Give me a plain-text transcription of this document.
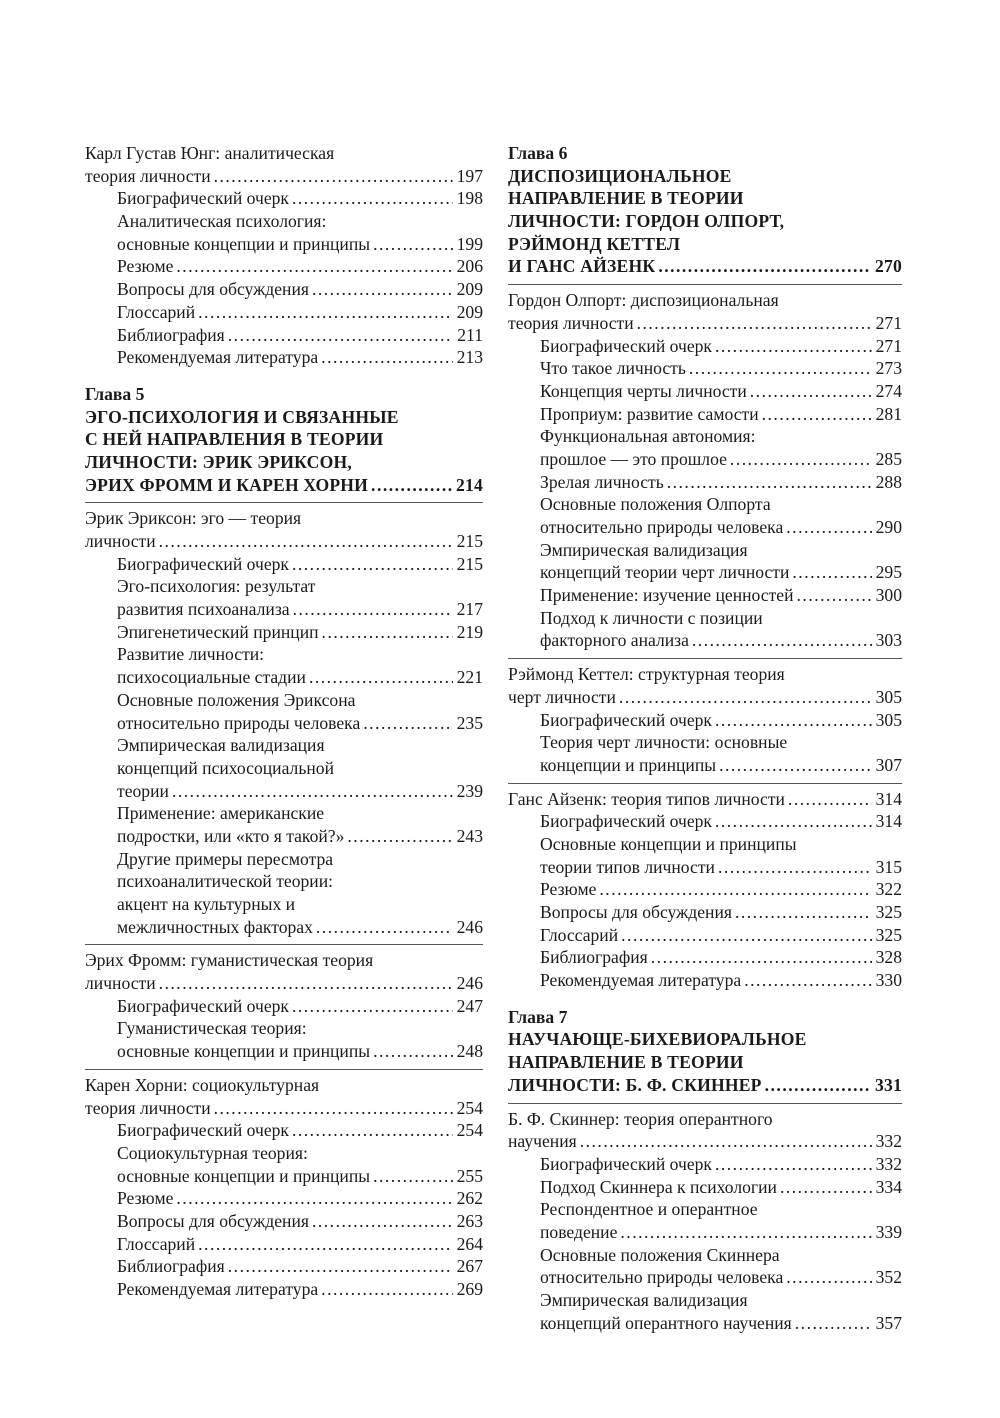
Карл Густав Юнг: аналитическая
теория личности .....	197
Биографический очерк .....	198
Аналитическая психология:
основные концепции и принципы .....	199
Резюме .....	206
Вопросы для обсуждения .....	209
Глоссарий .....	209
Библиография .....	211
Рекомендуемая литература .....	213
Глава 5
ЭГО-ПСИХОЛОГИЯ И СВЯЗАННЫЕ
С НЕЙ НАПРАВЛЕНИЯ В ТЕОРИИ
ЛИЧНОСТИ: ЭРИК ЭРИКСОН,
ЭРИХ ФРОММ И КАРЕН ХОРНИ .....	214
Эрик Эриксон: эго — теория
личности .....	215
Биографический очерк .....	215
Эго-психология: результат
развития психоанализа .....	217
Эпигенетический принцип .....	219
Развитие личности:
психосоциальные стадии .....	221
Основные положения Эриксона
относительно природы человека .....	235
Эмпирическая валидизация
концепций психосоциальной
теории .....	239
Применение: американские
подростки, или «кто я такой?» .....	243
Другие примеры пересмотра
психоаналитической теории:
акцент на культурных и
межличностных факторах .....	246
Эрих Фромм: гуманистическая теория
личности .....	246
Биографический очерк .....	247
Гуманистическая теория:
основные концепции и принципы .....	248
Карен Хорни: социокультурная
теория личности .....	254
Биографический очерк .....	254
Социокультурная теория:
основные концепции и принципы .....	255
Резюме .....	262
Вопросы для обсуждения .....	263
Глоссарий .....	264
Библиография .....	267
Рекомендуемая литература .....	269
Глава 6
ДИСПОЗИЦИОНАЛЬНОЕ
НАПРАВЛЕНИЕ В ТЕОРИИ
ЛИЧНОСТИ: ГОРДОН ОЛПОРТ,
РЭЙМОНД КЕТТЕЛ
И ГАНС АЙЗЕНК .....	270
Гордон Олпорт: диспозициональная
теория личности .....	271
Биографический очерк .....	271
Что такое личность .....	273
Концепция черты личности .....	274
Проприум: развитие самости .....	281
Функциональная автономия:
прошлое — это прошлое .....	285
Зрелая личность .....	288
Основные положения Олпорта
относительно природы человека .....	290
Эмпирическая валидизация
концепций теории черт личности .....	295
Применение: изучение ценностей .....	300
Подход к личности с позиции
факторного анализа .....	303
Рэймонд Кеттел: структурная теория
черт личности .....	305
Биографический очерк .....	305
Теория черт личности: основные
концепции и принципы .....	307
Ганс Айзенк: теория типов личности .....	314
Биографический очерк .....	314
Основные концепции и принципы
теории типов личности .....	315
Резюме .....	322
Вопросы для обсуждения .....	325
Глоссарий .....	325
Библиография .....	328
Рекомендуемая литература .....	330
Глава 7
НАУЧАЮЩЕ-БИХЕВИОРАЛЬНОЕ
НАПРАВЛЕНИЕ В ТЕОРИИ
ЛИЧНОСТИ: Б. Ф. СКИННЕР .....	331
Б. Ф. Скиннер: теория оперантного
научения .....	332
Биографический очерк .....	332
Подход Скиннера к психологии .....	334
Респондентное и оперантное
поведение .....	339
Основные положения Скиннера
относительно природы человека .....	352
Эмпирическая валидизация
концепций оперантного научения .....	357
